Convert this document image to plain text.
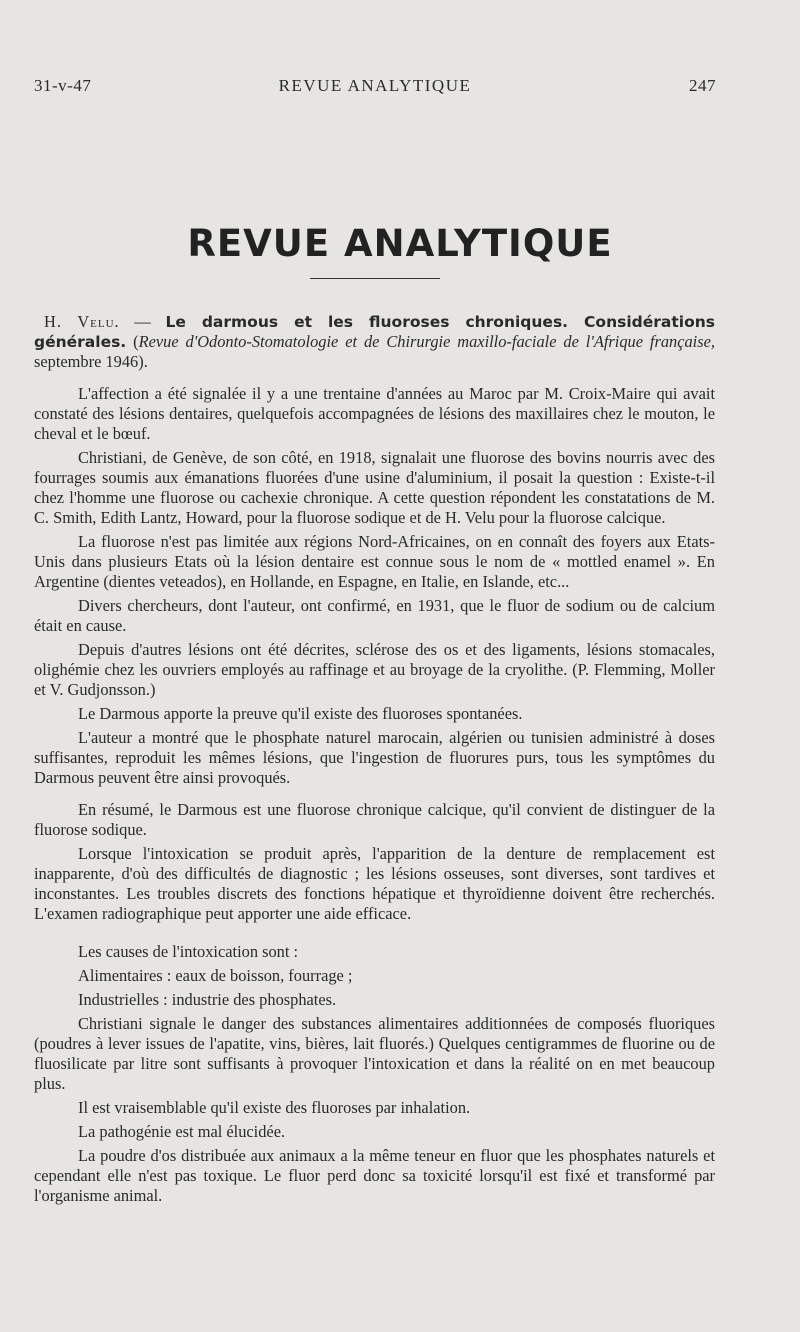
31-v-47	REVUE ANALYTIQUE	247
REVUE ANALYTIQUE

H. Velu. — Le darmous et les fluoroses chroniques. Considérations générales. (Revue d'Odonto-Stomatologie et de Chirurgie maxillo-faciale de l'Afrique française, septembre 1946).

L'affection a été signalée il y a une trentaine d'années au Maroc par M. Croix-Maire qui avait constaté des lésions dentaires, quelquefois accompagnées de lésions des maxillaires chez le mouton, le cheval et le bœuf.

Christiani, de Genève, de son côté, en 1918, signalait une fluorose des bovins nourris avec des fourrages soumis aux émanations fluorées d'une usine d'aluminium, il posait la question : Existe-t-il chez l'homme une fluorose ou cachexie chronique. A cette question répondent les constatations de M. C. Smith, Edith Lantz, Howard, pour la fluorose sodique et de H. Velu pour la fluorose calcique.

La fluorose n'est pas limitée aux régions Nord-Africaines, on en connaît des foyers aux Etats-Unis dans plusieurs Etats où la lésion dentaire est connue sous le nom de « mottled enamel ». En Argentine (dientes veteados), en Hollande, en Espagne, en Italie, en Islande, etc...

Divers chercheurs, dont l'auteur, ont confirmé, en 1931, que le fluor de sodium ou de calcium était en cause.

Depuis d'autres lésions ont été décrites, sclérose des os et des ligaments, lésions stomacales, olighémie chez les ouvriers employés au raffinage et au broyage de la cryolithe. (P. Flemming, Moller et V. Gudjonsson.)

Le Darmous apporte la preuve qu'il existe des fluoroses spontanées.

L'auteur a montré que le phosphate naturel marocain, algérien ou tunisien administré à doses suffisantes, reproduit les mêmes lésions, que l'ingestion de fluorures purs, tous les symptômes du Darmous peuvent être ainsi provoqués.

En résumé, le Darmous est une fluorose chronique calcique, qu'il convient de distinguer de la fluorose sodique.

Lorsque l'intoxication se produit après, l'apparition de la denture de remplacement est inapparente, d'où des difficultés de diagnostic ; les lésions osseuses, sont diverses, sont tardives et inconstantes. Les troubles discrets des fonctions hépatique et thyroïdienne doivent être recherchés. L'examen radiographique peut apporter une aide efficace.

Les causes de l'intoxication sont :

Alimentaires : eaux de boisson, fourrage ;

Industrielles : industrie des phosphates.

Christiani signale le danger des substances alimentaires additionnées de composés fluoriques (poudres à lever issues de l'apatite, vins, bières, lait fluorés.) Quelques centigrammes de fluorine ou de fluosilicate par litre sont suffisants à provoquer l'intoxication et dans la réalité on en met beaucoup plus.

Il est vraisemblable qu'il existe des fluoroses par inhalation.

La pathogénie est mal élucidée.

La poudre d'os distribuée aux animaux a la même teneur en fluor que les phosphates naturels et cependant elle n'est pas toxique. Le fluor perd donc sa toxicité lorsqu'il est fixé et transformé par l'organisme animal.
